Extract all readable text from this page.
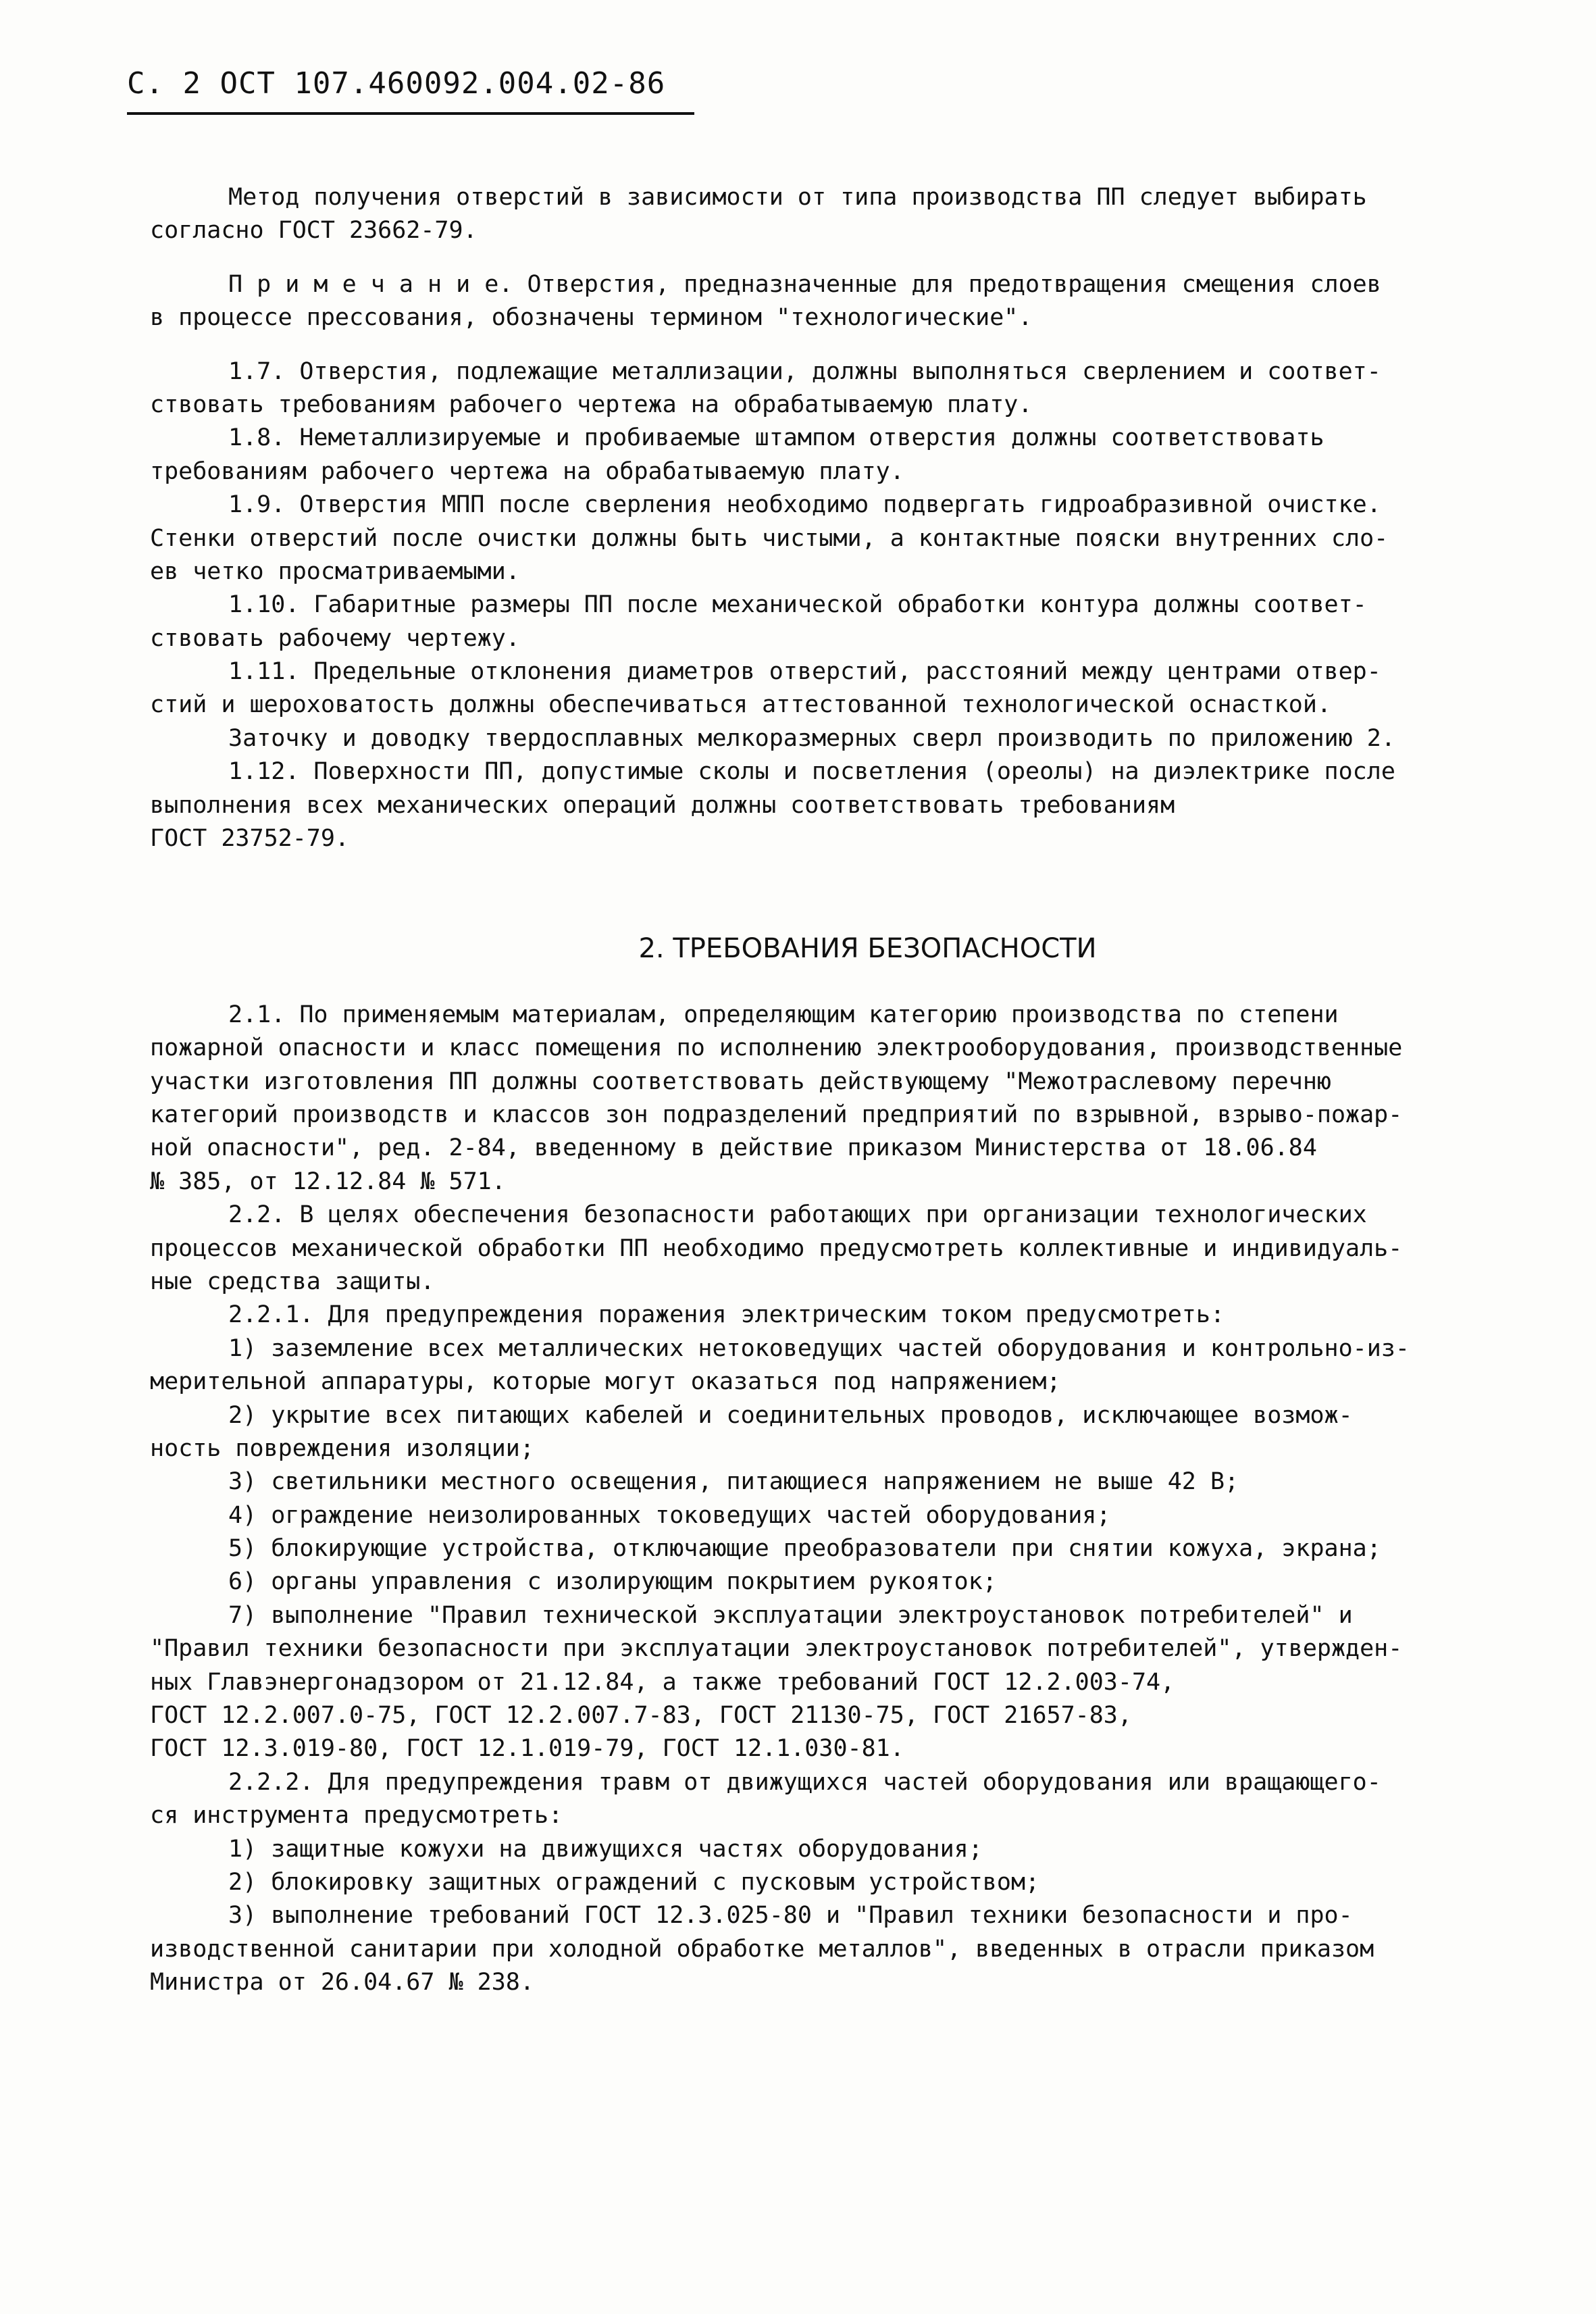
С. 2 ОСТ 107.460092.004.02-86
Метод получения отверстий в зависимости от типа производства ПП следует выбирать
согласно ГОСТ 23662-79.
П р и м е ч а н и е. Отверстия, предназначенные для предотвращения смещения слоев
в процессе прессования, обозначены термином "технологические".
1.7. Отверстия, подлежащие металлизации, должны выполняться сверлением и соответ-
ствовать требованиям рабочего чертежа на обрабатываемую плату.
1.8. Неметаллизируемые и пробиваемые штампом отверстия должны соответствовать
требованиям рабочего чертежа на обрабатываемую плату.
1.9. Отверстия МПП после сверления необходимо подвергать гидроабразивной очистке.
Стенки отверстий после очистки должны быть чистыми, а контактные пояски внутренних сло-
ев четко просматриваемыми.
1.10. Габаритные размеры ПП после механической обработки контура должны соответ-
ствовать рабочему чертежу.
1.11. Предельные отклонения диаметров отверстий, расстояний между центрами отвер-
стий и шероховатость должны обеспечиваться аттестованной технологической оснасткой.
Заточку и доводку твердосплавных мелкоразмерных сверл производить по приложению 2.
1.12. Поверхности ПП, допустимые сколы и посветления (ореолы) на диэлектрике после
выполнения всех механических операций должны соответствовать требованиям
ГОСТ 23752-79.
2. ТРЕБОВАНИЯ БЕЗОПАСНОСТИ
2.1. По применяемым материалам, определяющим категорию производства по степени
пожарной опасности и класс помещения по исполнению электрооборудования, производственные
участки изготовления ПП должны соответствовать действующему "Межотраслевому перечню
категорий производств и классов зон подразделений предприятий по взрывной, взрыво-пожар-
ной опасности", ред. 2-84, введенному в действие приказом Министерства от 18.06.84
№ 385, от 12.12.84 № 571.
2.2. В целях обеспечения безопасности работающих при организации технологических
процессов механической обработки ПП необходимо предусмотреть коллективные и индивидуаль-
ные средства защиты.
2.2.1. Для предупреждения поражения электрическим током предусмотреть:
1) заземление всех металлических нетоковедущих частей оборудования и контрольно-из-
мерительной аппаратуры, которые могут оказаться под напряжением;
2) укрытие всех питающих кабелей и соединительных проводов, исключающее возмож-
ность повреждения изоляции;
3) светильники местного освещения, питающиеся напряжением не выше 42 В;
4) ограждение неизолированных токоведущих частей оборудования;
5) блокирующие устройства, отключающие преобразователи при снятии кожуха, экрана;
6) органы управления с изолирующим покрытием рукояток;
7) выполнение "Правил технической эксплуатации электроустановок потребителей" и
"Правил техники безопасности при эксплуатации электроустановок потребителей", утвержден-
ных Главэнергонадзором от 21.12.84, а также требований ГОСТ 12.2.003-74,
ГОСТ 12.2.007.0-75, ГОСТ 12.2.007.7-83, ГОСТ 21130-75, ГОСТ 21657-83,
ГОСТ 12.3.019-80, ГОСТ 12.1.019-79, ГОСТ 12.1.030-81.
2.2.2. Для предупреждения травм от движущихся частей оборудования или вращающего-
ся инструмента предусмотреть:
1) защитные кожухи на движущихся частях оборудования;
2) блокировку защитных ограждений с пусковым устройством;
3) выполнение требований ГОСТ 12.3.025-80 и "Правил техники безопасности и про-
изводственной санитарии при холодной обработке металлов", введенных в отрасли приказом
Министра от 26.04.67 № 238.
